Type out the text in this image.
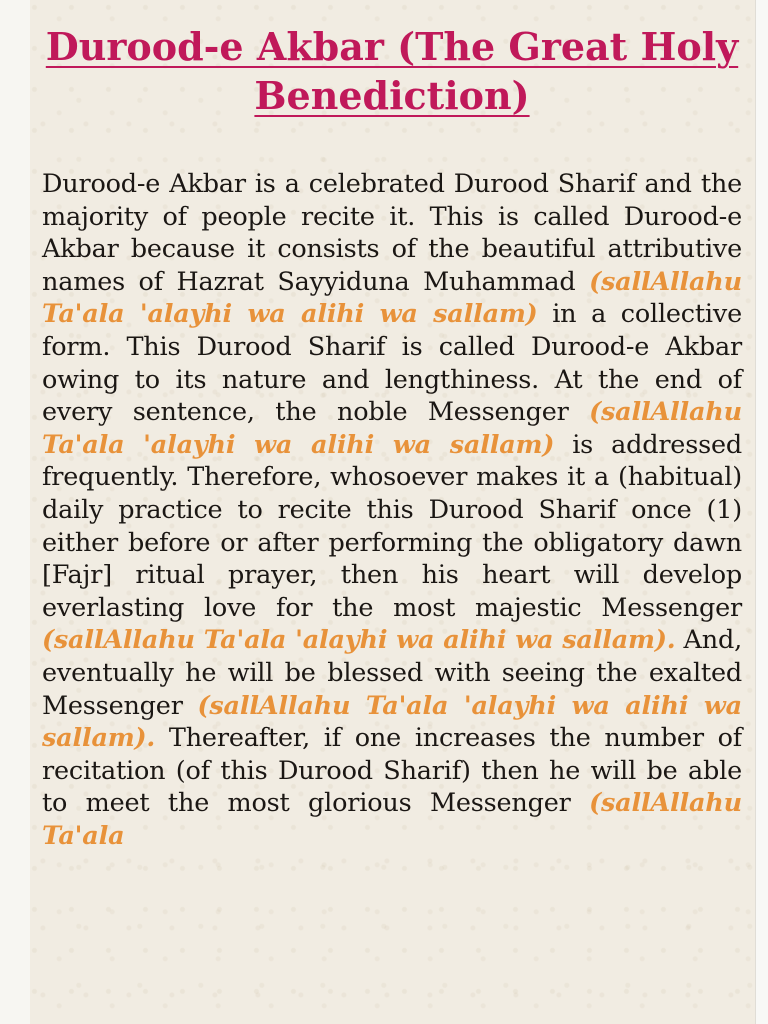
Durood-e Akbar (The Great Holy Benediction)

Durood-e Akbar is a celebrated Durood Sharif and the majority of people recite it. This is called Durood-e Akbar because it consists of the beautiful attributive names of Hazrat Sayyiduna Muhammad (sallAllahu Ta'ala 'alayhi wa alihi wa sallam) in a collective form. This Durood Sharif is called Durood-e Akbar owing to its nature and lengthiness. At the end of every sentence, the noble Messenger (sallAllahu Ta'ala 'alayhi wa alihi wa sallam) is addressed frequently. Therefore, whosoever makes it a (habitual) daily practice to recite this Durood Sharif once (1) either before or after performing the obligatory dawn [Fajr] ritual prayer, then his heart will develop everlasting love for the most majestic Messenger (sallAllahu Ta'ala 'alayhi wa alihi wa sallam). And, eventually he will be blessed with seeing the exalted Messenger (sallAllahu Ta'ala 'alayhi wa alihi wa sallam). Thereafter, if one increases the number of recitation (of this Durood Sharif) then he will be able to meet the most glorious Messenger (sallAllahu Ta'ala
